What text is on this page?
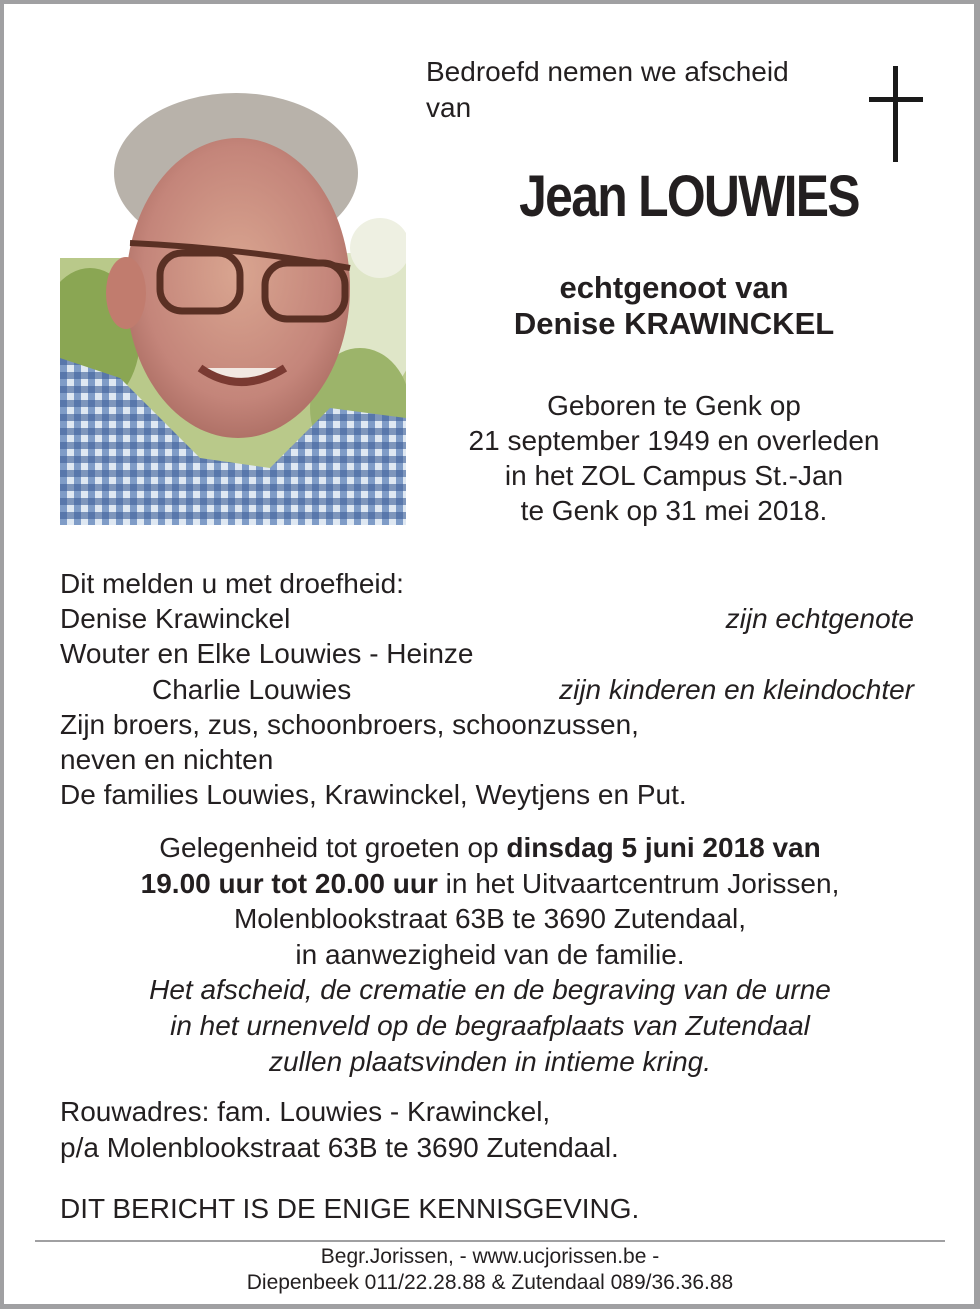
Bedroefd nemen we afscheid
van
Jean LOUWIES
echtgenoot van
Denise KRAWINCKEL
Geboren te Genk op
21 september 1949 en overleden
in het ZOL Campus St.-Jan
te Genk op 31 mei 2018.
Dit melden u met droefheid:
Denise Krawinckel	zijn echtgenote
Wouter en Elke Louwies - Heinze
Charlie Louwies	zijn kinderen en kleindochter
Zijn broers, zus, schoonbroers, schoonzussen,
neven en nichten
De families Louwies, Krawinckel, Weytjens en Put.
Gelegenheid tot groeten op dinsdag 5 juni 2018 van
19.00 uur tot 20.00 uur in het Uitvaartcentrum Jorissen,
Molenblookstraat 63B te 3690 Zutendaal,
in aanwezigheid van de familie.
Het afscheid, de crematie en de begraving van de urne
in het urnenveld op de begraafplaats van Zutendaal
zullen plaatsvinden in intieme kring.
Rouwadres: fam. Louwies - Krawinckel,
p/a Molenblookstraat 63B te 3690 Zutendaal.
DIT BERICHT IS DE ENIGE KENNISGEVING.
Begr.Jorissen, - www.ucjorissen.be -
Diepenbeek 011/22.28.88 & Zutendaal 089/36.36.88
